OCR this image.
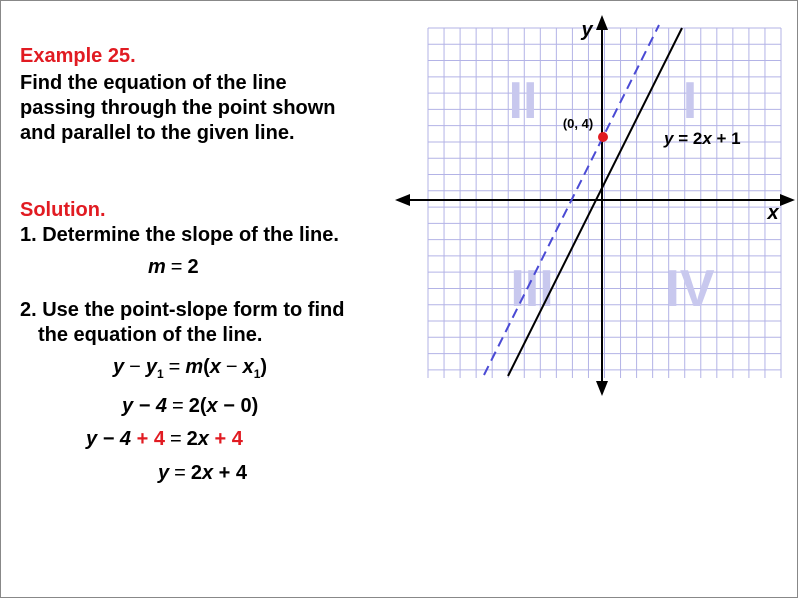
Example 25.
Find the equation of the line
passing through the point shown
and parallel to the given line.
Solution.
1. Determine the slope of the line.
m = 2
2. Use the point-slope form to find
the equation of the line.
$y - y_1 = m(x - x_1)$
y − 4 = 2(x − 0)
y − 4 + 4 = 2x + 4
y = 2x + 4
I
II
III IV
x
y
(0, 4)
y = 2x + 1
